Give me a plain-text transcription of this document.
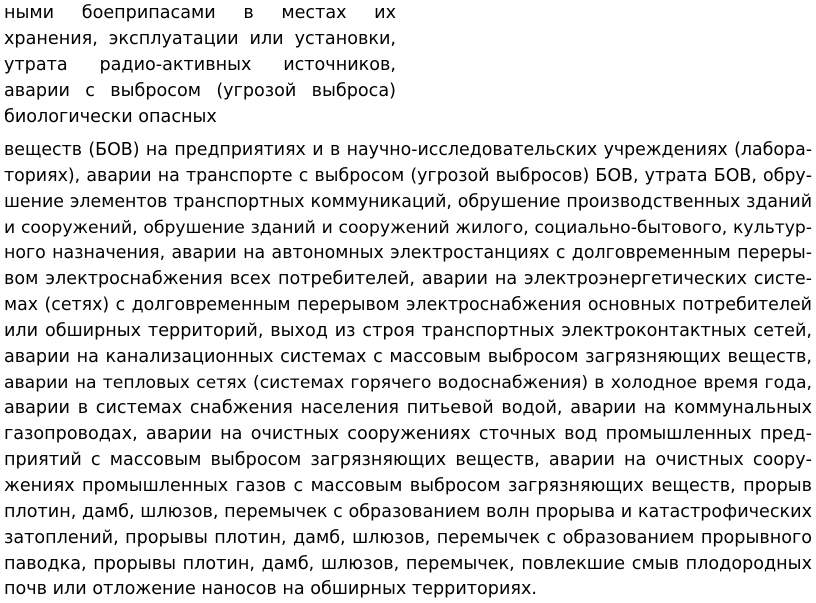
ными боеприпасами в местах их
хранения, эксплуатации или установки,
утрата радио-активных источников,
аварии с выбросом (угрозой выброса)
биологически опасных
веществ (БОВ) на предприятиях и в научно-исследовательских учреждениях (лабора-
ториях), аварии на транспорте с выбросом (угрозой выбросов) БОВ, утрата БОВ, обру-
шение элементов транспортных коммуникаций, обрушение производственных зданий
и сооружений, обрушение зданий и сооружений жилого, социально-бытового, культур-
ного назначения, аварии на автономных электростанциях с долговременным переры-
вом электроснабжения всех потребителей, аварии на электроэнергетических систе-
мах (сетях) с долговременным перерывом электроснабжения основных потребителей
или обширных территорий, выход из строя транспортных электроконтактных сетей,
аварии на канализационных системах с массовым выбросом загрязняющих веществ,
аварии на тепловых сетях (системах горячего водоснабжения) в холодное время года,
аварии в системах снабжения населения питьевой водой, аварии на коммунальных
газопроводах, аварии на очистных сооружениях сточных вод промышленных пред-
приятий с массовым выбросом загрязняющих веществ, аварии на очистных соору-
жениях промышленных газов с массовым выбросом загрязняющих веществ, прорыв
плотин, дамб, шлюзов, перемычек с образованием волн прорыва и катастрофических
затоплений, прорывы плотин, дамб, шлюзов, перемычек с образованием прорывного
паводка, прорывы плотин, дамб, шлюзов, перемычек, повлекшие смыв плодородных
почв или отложение наносов на обширных территориях.
